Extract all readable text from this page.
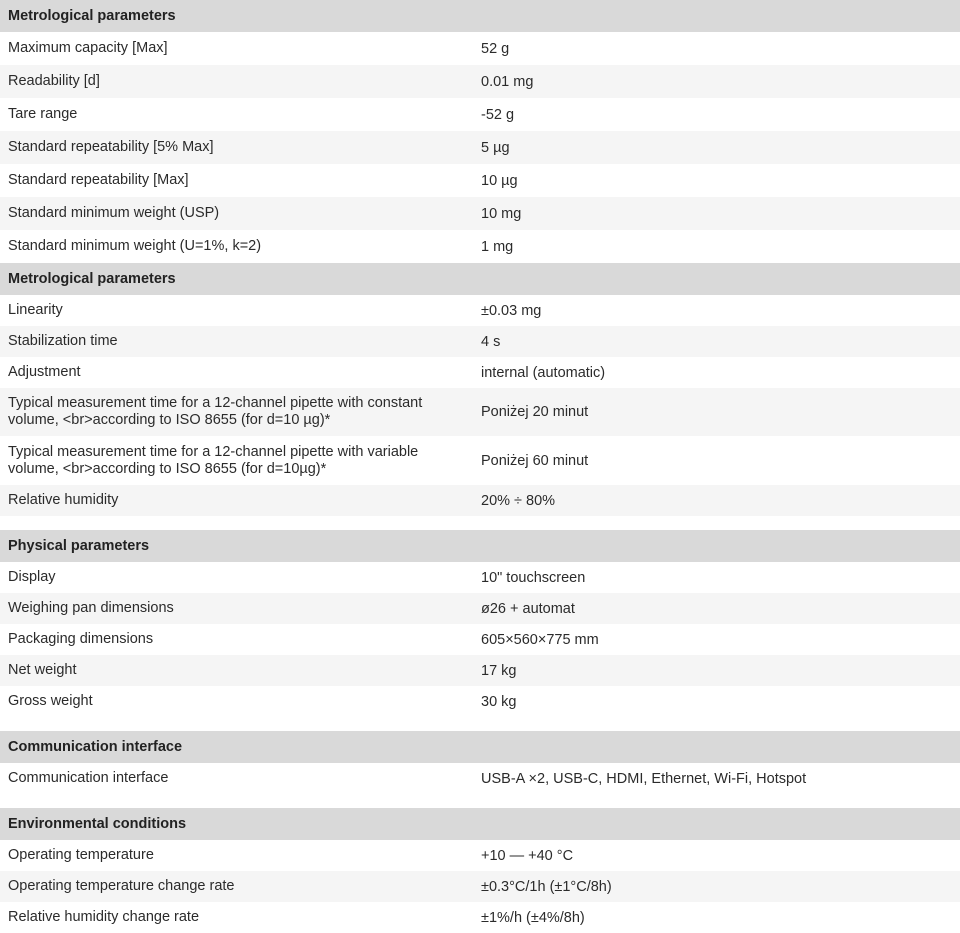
Metrological parameters
Maximum capacity [Max]	52 g
Readability [d]	0.01 mg
Tare range	-52 g
Standard repeatability [5% Max]	5 µg
Standard repeatability [Max]	10 µg
Standard minimum weight (USP)	10 mg
Standard minimum weight (U=1%, k=2)	1 mg
Metrological parameters
Linearity	±0.03 mg
Stabilization time	4 s
Adjustment	internal (automatic)
Typical measurement time for a 12-channel pipette with constant volume, <br>according to ISO 8655 (for d=10 µg)*	Poniżej 20 minut
Typical measurement time for a 12-channel pipette with variable volume, <br>according to ISO 8655 (for d=10µg)*	Poniżej 60 minut
Relative humidity	20% ÷ 80%
Physical parameters
Display	10" touchscreen
Weighing pan dimensions	ø26 + automat
Packaging dimensions	605×560×775 mm
Net weight	17 kg
Gross weight	30 kg
Communication interface
Communication interface	USB-A ×2, USB-C, HDMI, Ethernet, Wi-Fi, Hotspot
Environmental conditions
Operating temperature	+10 — +40 °C
Operating temperature change rate	±0.3°C/1h (±1°C/8h)
Relative humidity change rate	±1%/h (±4%/8h)
